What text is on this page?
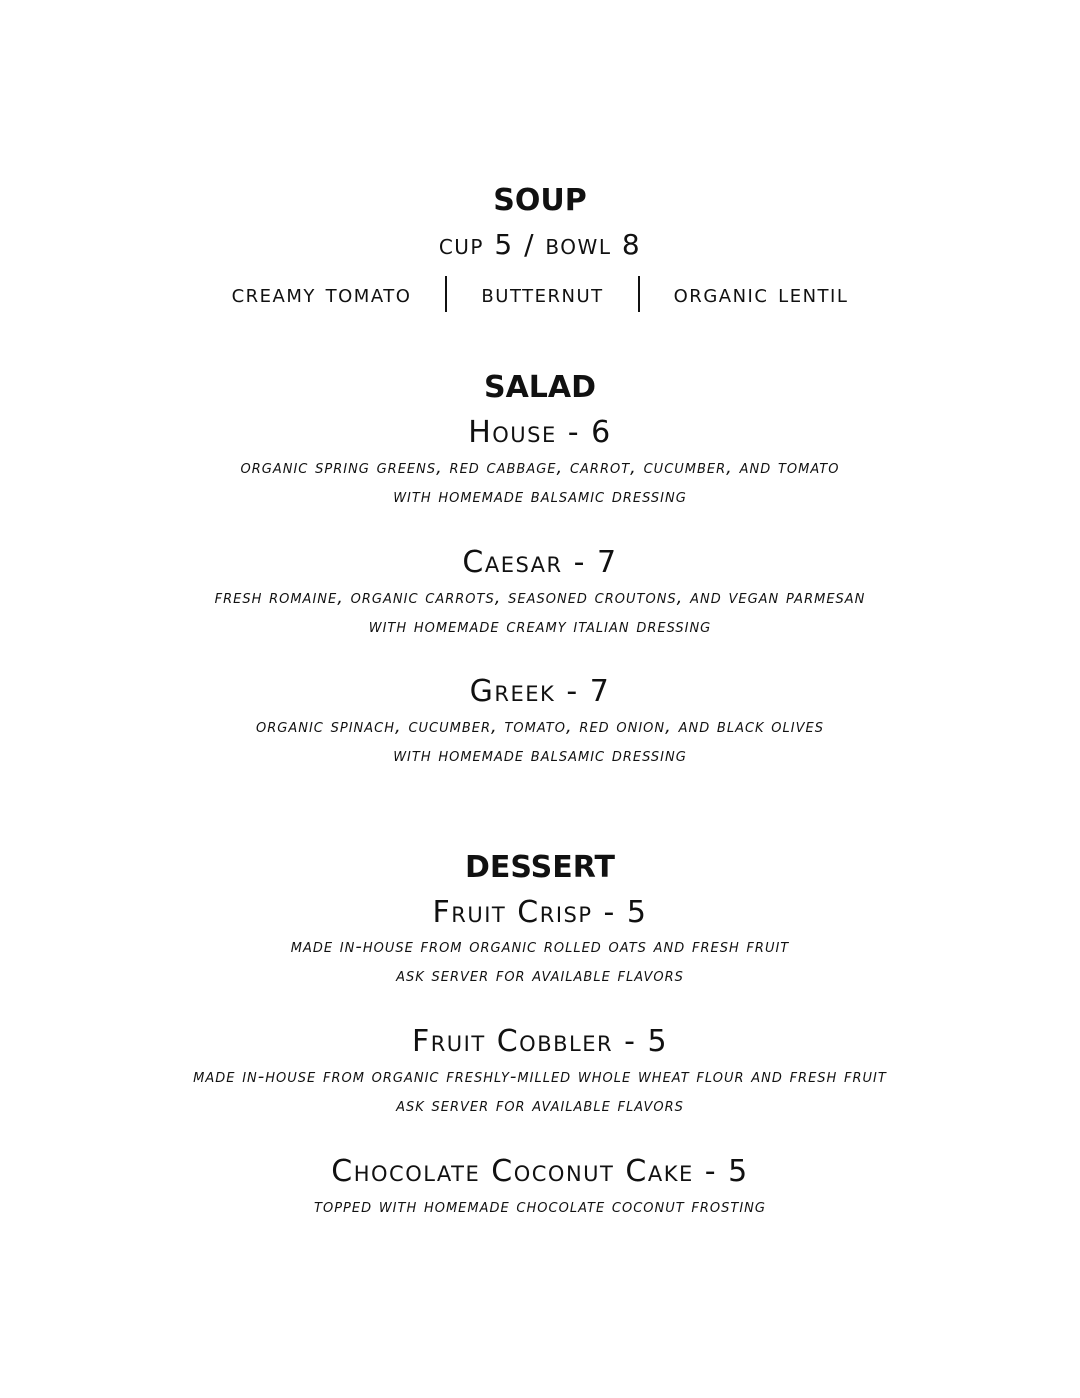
SOUP
cup 5 / bowl 8
creamy tomato	butternut	organic lentil
SALAD
House - 6
organic spring greens, red cabbage, carrot, cucumber, and tomato
with homemade balsamic dressing
Caesar - 7
fresh romaine, organic carrots, seasoned croutons, and vegan parmesan
with homemade creamy italian dressing
Greek - 7
organic spinach, cucumber, tomato, red onion, and black olives
with homemade balsamic dressing
DESSERT
Fruit Crisp - 5
made in-house from organic rolled oats and fresh fruit
ask server for available flavors
Fruit Cobbler - 5
made in-house from organic freshly-milled whole wheat flour and fresh fruit
ask server for available flavors
Chocolate Coconut Cake - 5
topped with homemade chocolate coconut frosting
